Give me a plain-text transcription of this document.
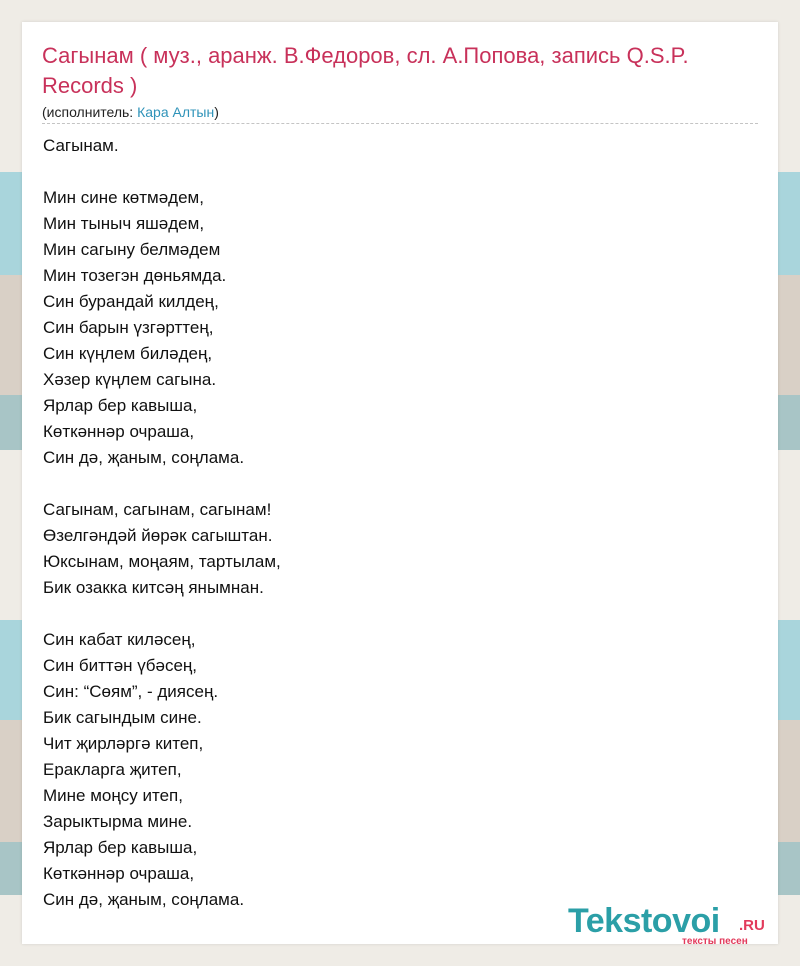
Сагынам ( муз., аранж. В.Федоров, сл. А.Попова, запись Q.S.P. Records )
(исполнитель: Кара Алтын)
Сагынам.
Мин сине көтмәдем,
Мин тыныч яшәдем,
Мин сагыну белмәдем
Мин тозегэн дөньямда.
Син бурандай килдең,
Син барын үзгәрттең,
Син күңлем биләдең,
Хәзер күңлем сагына.
Ярлар бер кавыша,
Көткәннәр очраша,
Син дә, җаным, соңлама.
Сагынам, сагынам, сагынам!
Өзелгәндәй йөрәк сагыштан.
Юксынам, моңаям, тартылам,
Бик озакка китсәң янымнан.
Син кабат киләсең,
Син биттән үбәсең,
Син: “Сөям”, - диясең.
Бик сагындым сине.
Чит җирләргә китеп,
Еракларга җитеп,
Мине моңсу итеп,
Зарыктырма мине.
Ярлар бер кавыша,
Көткәннәр очраша,
Син дә, җаным, соңлама.
Tekstovoi .RU
тексты песен
